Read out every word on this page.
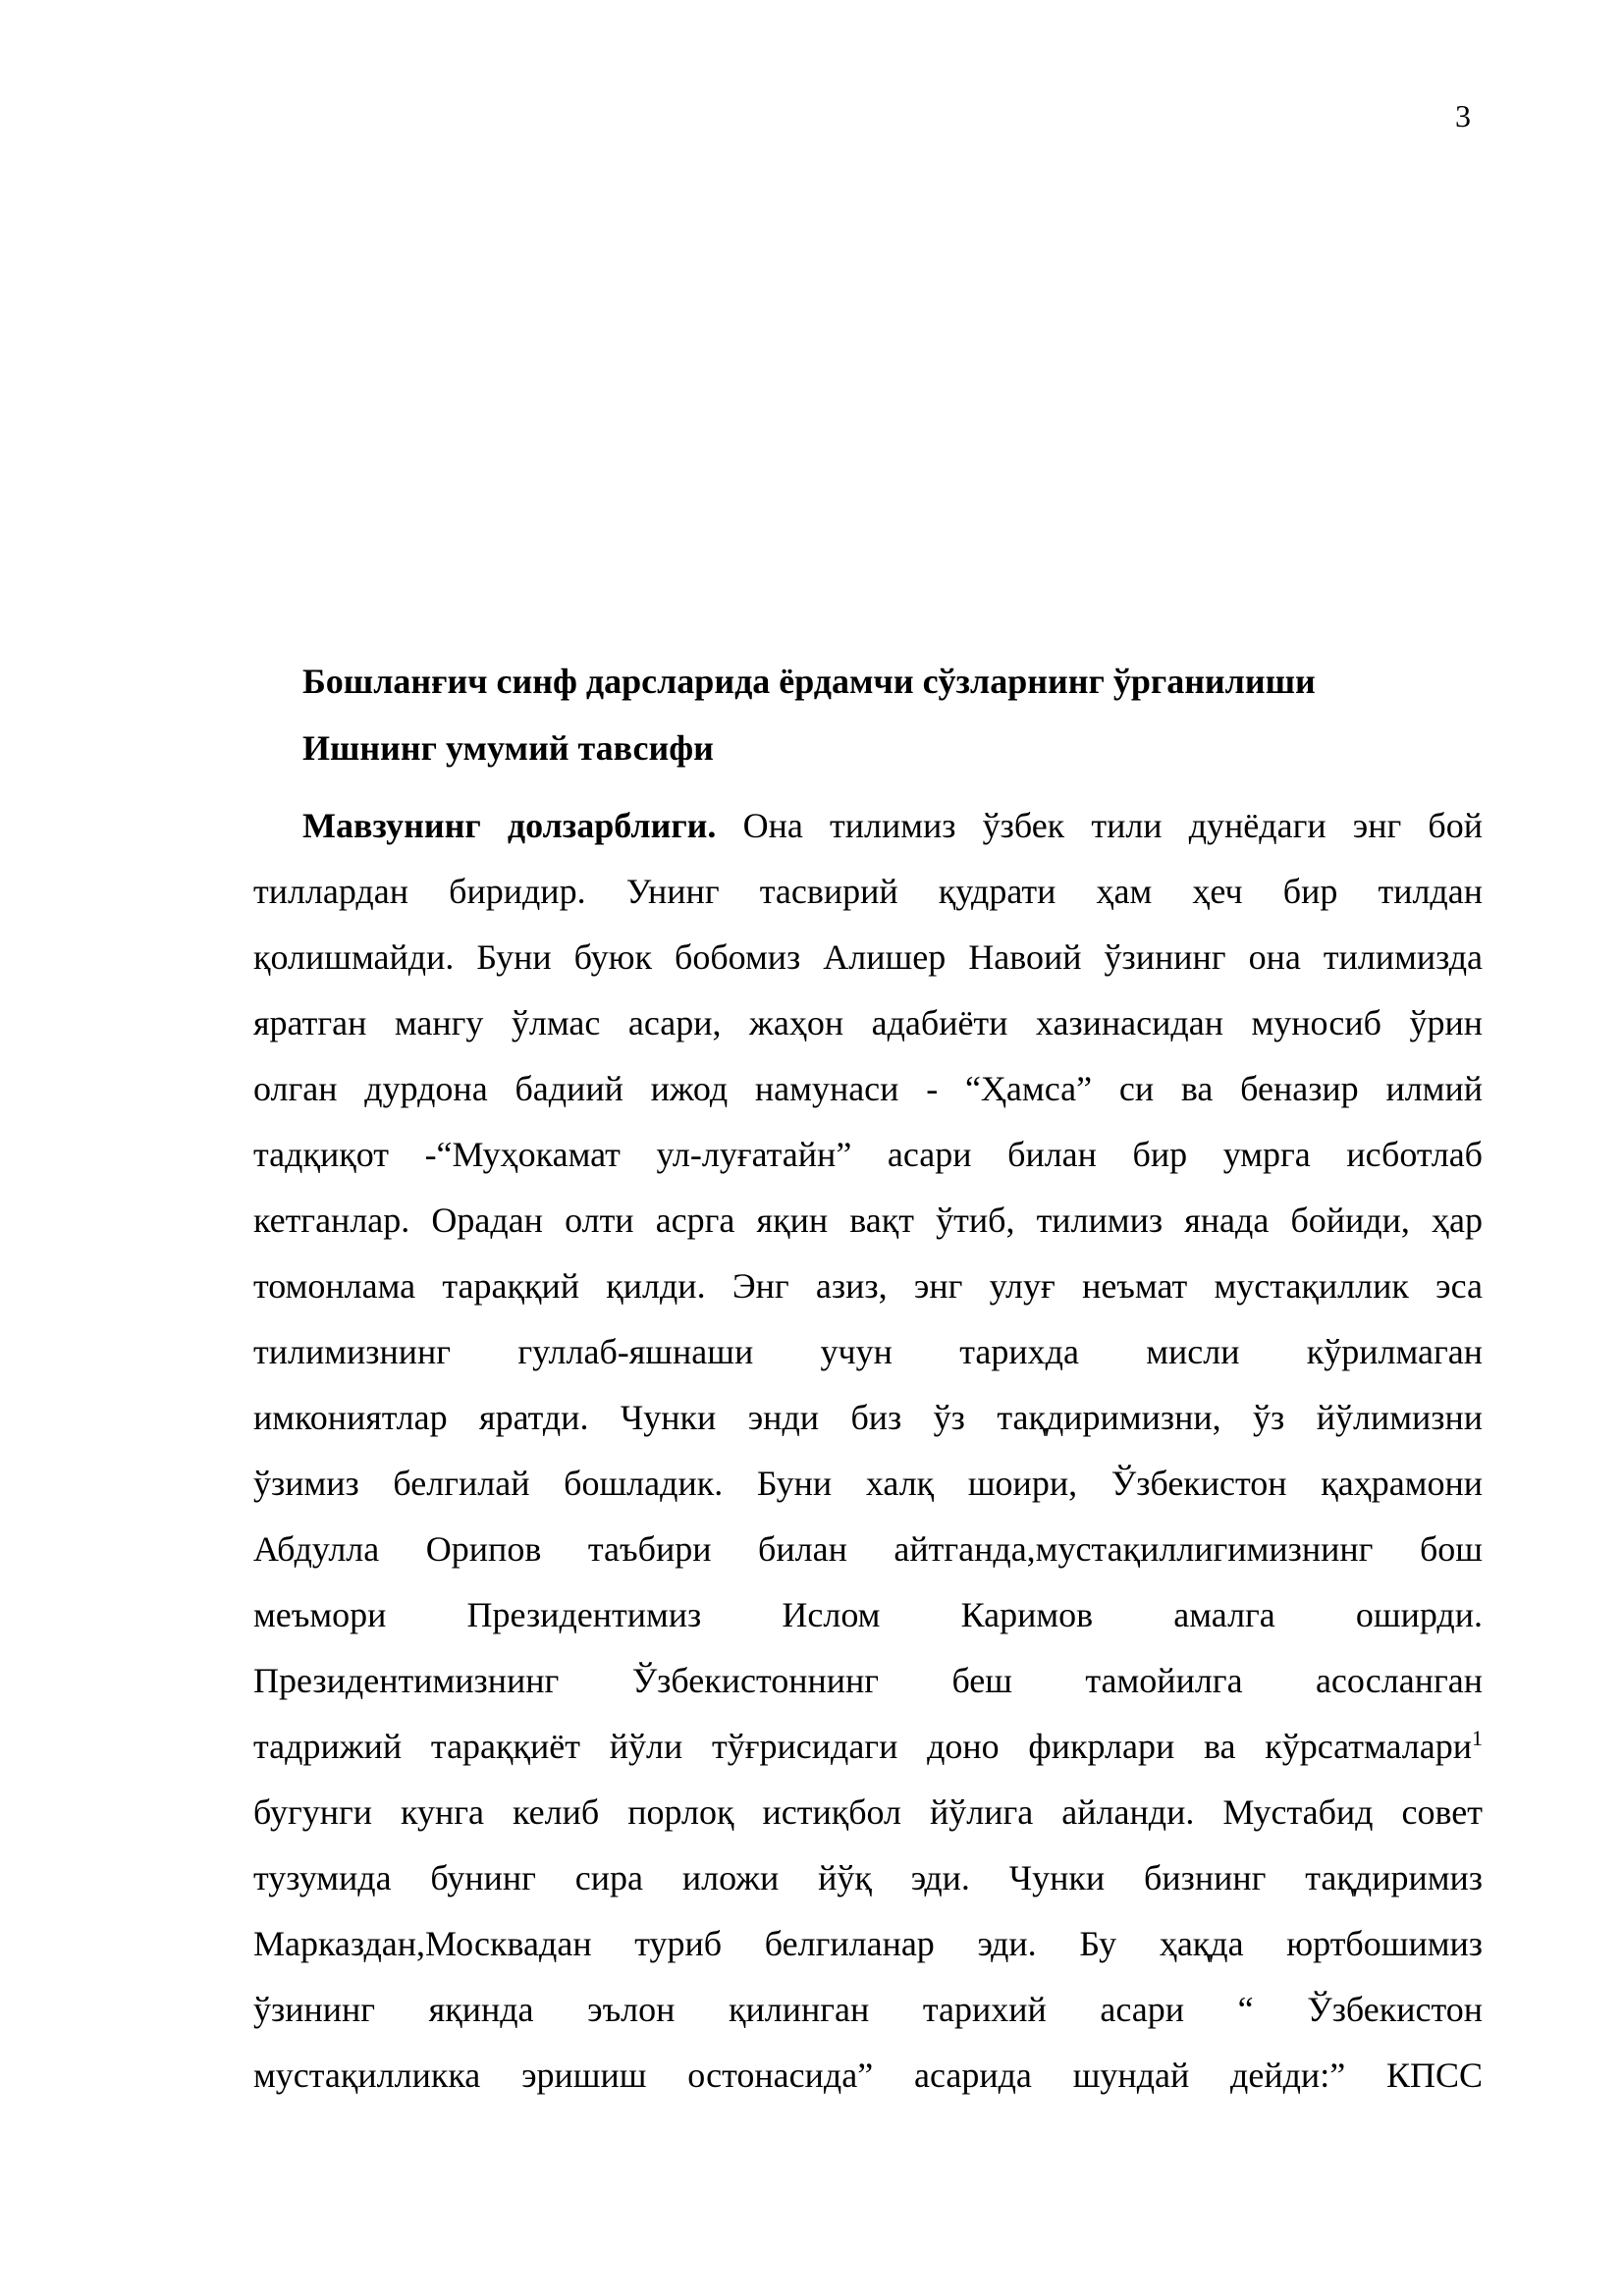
3
Бошланғич синф дарсларида ёрдамчи сўзларнинг ўрганилиши
Ишнинг умумий тавсифи
Мавзунинг долзарблиги. Она тилимиз ўзбек тили дунёдаги энг бой
тиллардан биридир. Унинг тасвирий қудрати ҳам ҳеч бир тилдан
қолишмайди. Буни буюк бобомиз Алишер Навоий ўзининг она тилимизда
яратган мангу ўлмас асари, жаҳон адабиёти хазинасидан муносиб ўрин
олган дурдона бадиий ижод намунаси - “Ҳамса” си ва беназир илмий
тадқиқот -“Муҳокамат ул-луғатайн” асари билан бир умрга исботлаб
кетганлар. Орадан олти асрга яқин вақт ўтиб, тилимиз янада бойиди, ҳар
томонлама тараққий қилди. Энг азиз, энг улуғ неъмат мустақиллик эса
тилимизнинг гуллаб-яшнаши учун тарихда мисли кўрилмаган
имкониятлар яратди. Чунки энди биз ўз тақдиримизни, ўз йўлимизни
ўзимиз белгилай бошладик. Буни халқ шоири, Ўзбекистон қаҳрамони
Абдулла Орипов таъбири билан айтганда,мустақиллигимизнинг бош
меъмори Президентимиз Ислом Каримов амалга оширди.
Президентимизнинг Ўзбекистоннинг беш тамойилга асосланган
тадрижий тараққиёт йўли тўғрисидаги доно фикрлари ва кўрсатмалари$^1$
бугунги кунга келиб порлоқ истиқбол йўлига айланди. Мустабид совет
тузумида бунинг сира иложи йўқ эди. Чунки бизнинг тақдиримиз
Марказдан,Москвадан туриб белгиланар эди. Бу ҳақда юртбошимиз
ўзининг яқинда эълон қилинган тарихий асари “ Ўзбекистон
мустақилликка эришиш остонасида” асарида шундай дейди:” КПСС
